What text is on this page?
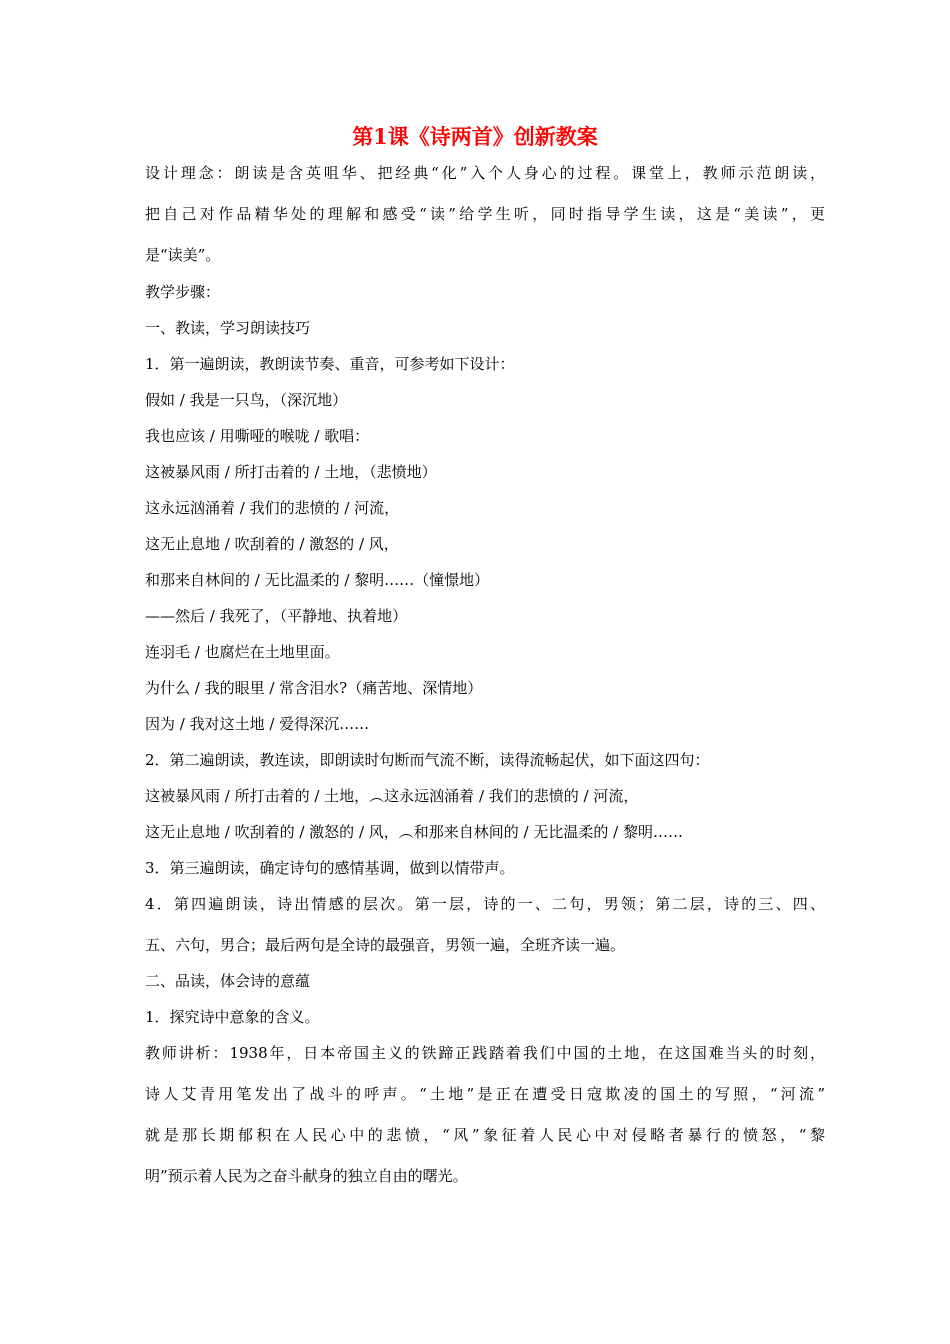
第1课《诗两首》创新教案
设计理念：朗读是含英咀华、把经典“化”入个人身心的过程。课堂上，教师示范朗读，
把自己对作品精华处的理解和感受“读”给学生听，同时指导学生读，这是“美读”，更
是“读美”。
教学步骤：
一、教读，学习朗读技巧
1．第一遍朗读，教朗读节奏、重音，可参考如下设计：
假如 / 我是一只鸟，（深沉地）
我也应该 / 用嘶哑的喉咙 / 歌唱：
这被暴风雨 / 所打击着的 / 土地，（悲愤地）
这永远汹涌着 / 我们的悲愤的 / 河流，
这无止息地 / 吹刮着的 / 激怒的 / 风，
和那来自林间的 / 无比温柔的 / 黎明……（憧憬地）
——然后 / 我死了，（平静地、执着地）
连羽毛 / 也腐烂在土地里面。
为什么 / 我的眼里 / 常含泪水?（痛苦地、深情地）
因为 / 我对这土地 / 爱得深沉……
2．第二遍朗读，教连读，即朗读时句断而气流不断，读得流畅起伏，如下面这四句：
这被暴风雨 / 所打击着的 / 土地，︵这永远汹涌着 / 我们的悲愤的 / 河流，
这无止息地 / 吹刮着的 / 激怒的 / 风，︵和那来自林间的 / 无比温柔的 / 黎明……
3．第三遍朗读，确定诗句的感情基调，做到以情带声。
4．第四遍朗读，诗出情感的层次。第一层，诗的一、二句，男领；第二层，诗的三、四、
五、六句，男合；最后两句是全诗的最强音，男领一遍，全班齐读一遍。
二、品读，体会诗的意蕴
1．探究诗中意象的含义。
教师讲析：1938年，日本帝国主义的铁蹄正践踏着我们中国的土地，在这国难当头的时刻，
诗人艾青用笔发出了战斗的呼声。“土地”是正在遭受日寇欺凌的国土的写照，“河流”
就是那长期郁积在人民心中的悲愤，“风”象征着人民心中对侵略者暴行的愤怒，“黎
明”预示着人民为之奋斗献身的独立自由的曙光。
